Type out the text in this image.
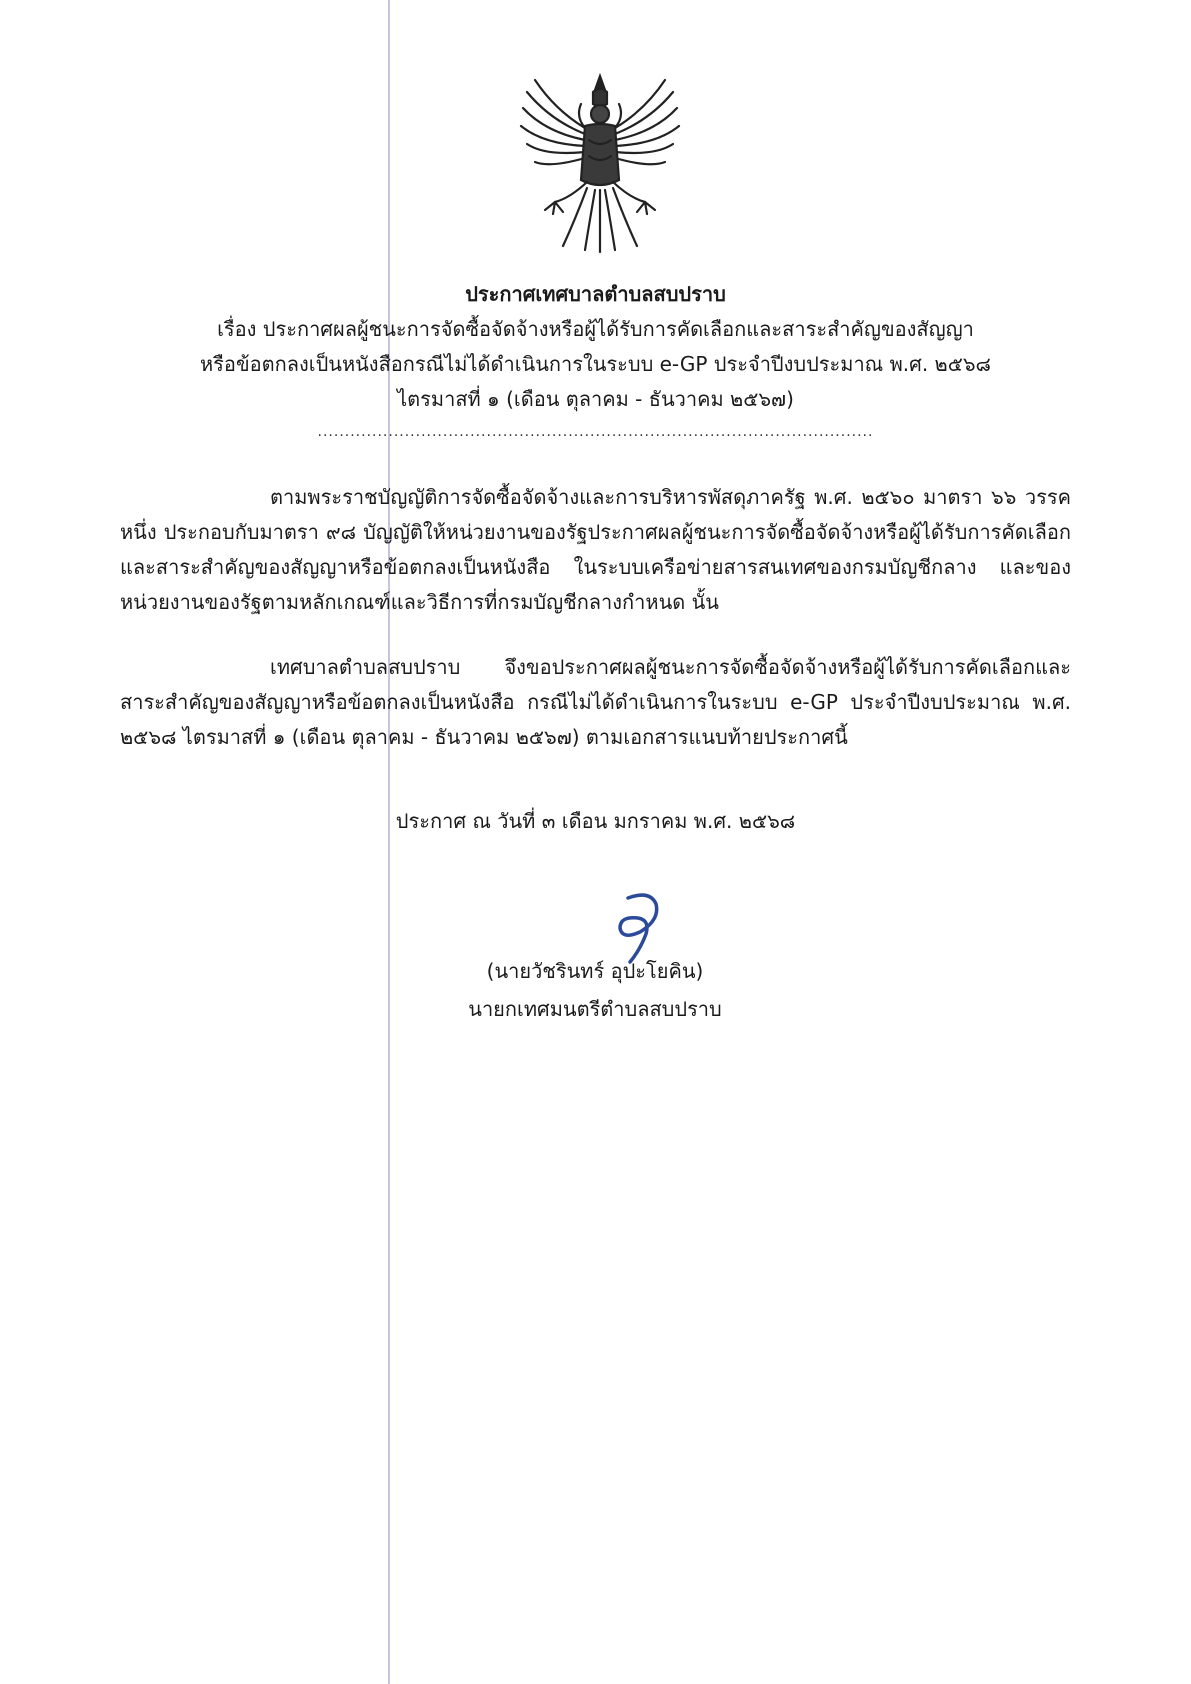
ประกาศเทศบาลตำบลสบปราบ
เรื่อง ประกาศผลผู้ชนะการจัดซื้อจัดจ้างหรือผู้ได้รับการคัดเลือกและสาระสำคัญของสัญญา
หรือข้อตกลงเป็นหนังสือกรณีไม่ได้ดำเนินการในระบบ e-GP ประจำปีงบประมาณ พ.ศ. ๒๕๖๘
ไตรมาสที่ ๑ (เดือน ตุลาคม - ธันวาคม ๒๕๖๗)
......................................................................................................
ตามพระราชบัญญัติการจัดซื้อจัดจ้างและการบริหารพัสดุภาครัฐ พ.ศ. ๒๕๖๐ มาตรา ๖๖ วรรคหนึ่ง ประกอบกับมาตรา ๙๘ บัญญัติให้หน่วยงานของรัฐประกาศผลผู้ชนะการจัดซื้อจัดจ้างหรือผู้ได้รับการคัดเลือกและสาระสำคัญของสัญญาหรือข้อตกลงเป็นหนังสือ ในระบบเครือข่ายสารสนเทศของกรมบัญชีกลาง และของหน่วยงานของรัฐตามหลักเกณฑ์และวิธีการที่กรมบัญชีกลางกำหนด นั้น
เทศบาลตำบลสบปราบ จึงขอประกาศผลผู้ชนะการจัดซื้อจัดจ้างหรือผู้ได้รับการคัดเลือกและสาระสำคัญของสัญญาหรือข้อตกลงเป็นหนังสือ กรณีไม่ได้ดำเนินการในระบบ e-GP ประจำปีงบประมาณ พ.ศ. ๒๕๖๘ ไตรมาสที่ ๑ (เดือน ตุลาคม - ธันวาคม ๒๕๖๗) ตามเอกสารแนบท้ายประกาศนี้
ประกาศ ณ วันที่ ๓ เดือน มกราคม พ.ศ. ๒๕๖๘
(นายวัชรินทร์ อุปะโยคิน)
นายกเทศมนตรีตำบลสบปราบ
